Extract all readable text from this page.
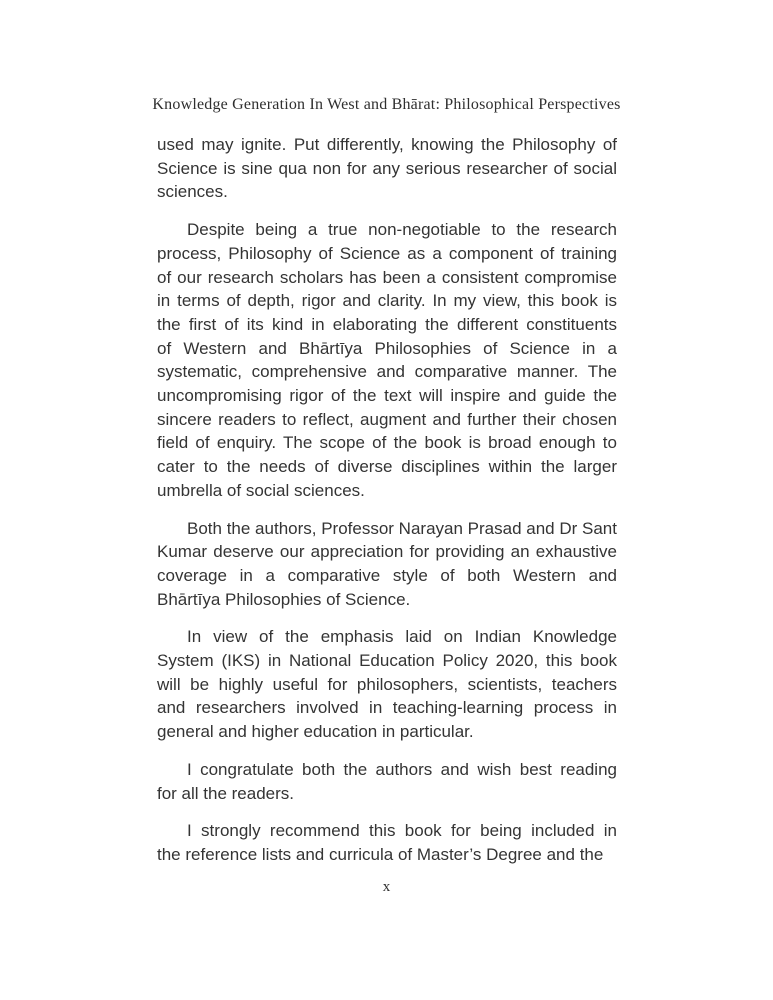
Knowledge Generation In West and Bhārat: Philosophical Perspectives
used may ignite. Put differently, knowing the Philosophy of
Science is sine qua non for any serious researcher of social
sciences.
Despite being a true non-negotiable to the research
process, Philosophy of Science as a component of training
of our research scholars has been a consistent compromise
in terms of depth, rigor and clarity. In my view, this book is
the first of its kind in elaborating the different constituents
of Western and Bhārtīya Philosophies of Science in a
systematic, comprehensive and comparative manner. The
uncompromising rigor of the text will inspire and guide the
sincere readers to reflect, augment and further their chosen
field of enquiry. The scope of the book is broad enough to
cater to the needs of diverse disciplines within the larger
umbrella of social sciences.
Both the authors, Professor Narayan Prasad and Dr Sant
Kumar deserve our appreciation for providing an exhaustive
coverage in a comparative style of both Western and
Bhārtīya Philosophies of Science.
In view of the emphasis laid on Indian Knowledge
System (IKS) in National Education Policy 2020, this book
will be highly useful for philosophers, scientists, teachers
and researchers involved in teaching-learning process in
general and higher education in particular.
I congratulate both the authors and wish best reading
for all the readers.
I strongly recommend this book for being included in
the reference lists and curricula of Master’s Degree and the
x
